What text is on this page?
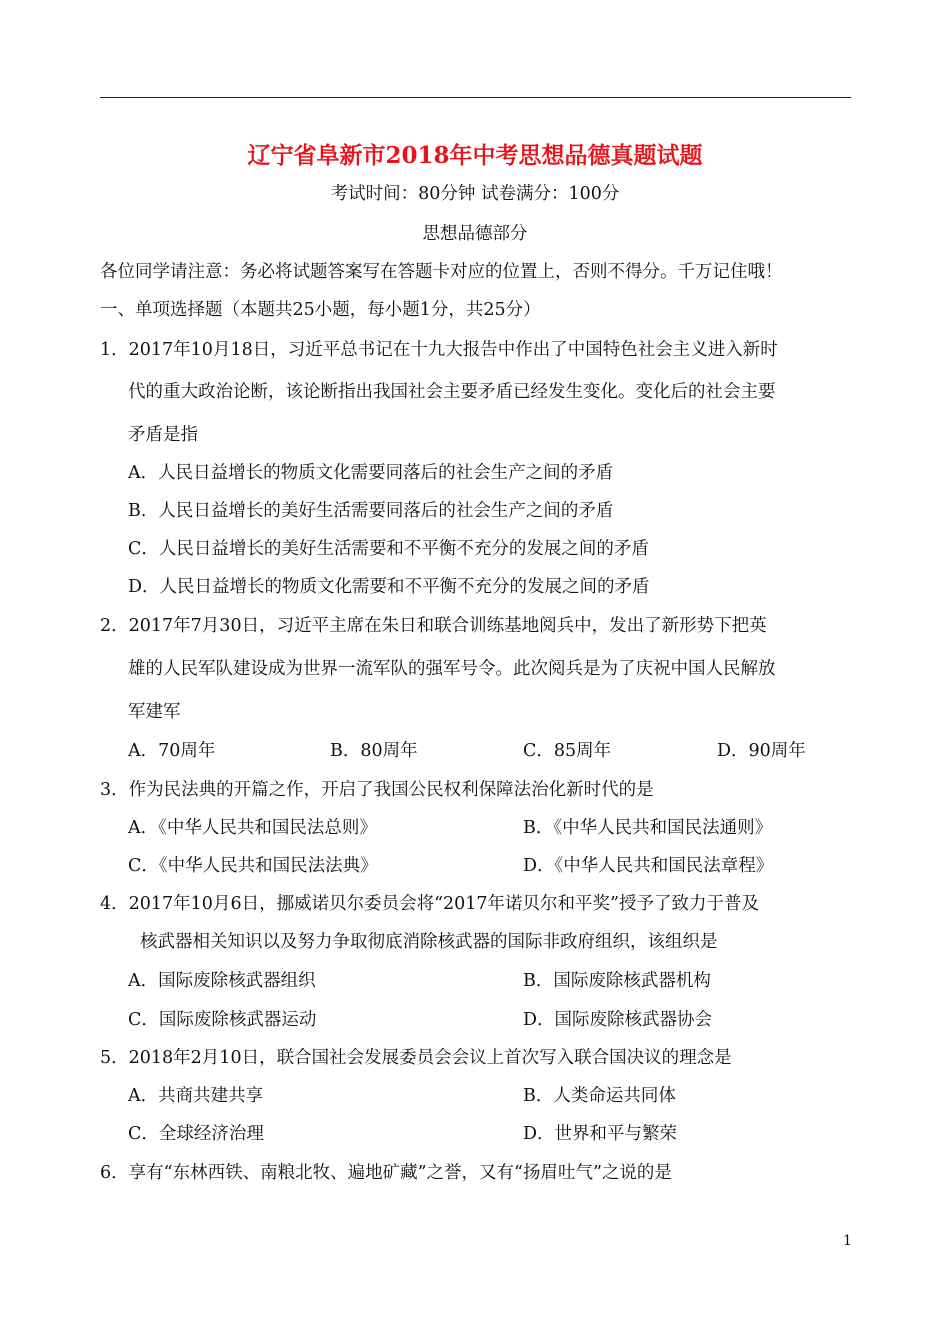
辽宁省阜新市2018年中考思想品德真题试题
考试时间：80分钟 试卷满分：100分
思想品德部分
各位同学请注意：务必将试题答案写在答题卡对应的位置上，否则不得分。千万记住哦！
一、单项选择题（本题共25小题，每小题1分，共25分）
1．2017年10月18日，习近平总书记在十九大报告中作出了中国特色社会主义进入新时
代的重大政治论断，该论断指出我国社会主要矛盾已经发生变化。变化后的社会主要
矛盾是指
A．人民日益增长的物质文化需要同落后的社会生产之间的矛盾
B．人民日益增长的美好生活需要同落后的社会生产之间的矛盾
C．人民日益增长的美好生活需要和不平衡不充分的发展之间的矛盾
D．人民日益增长的物质文化需要和不平衡不充分的发展之间的矛盾
2．2017年7月30日，习近平主席在朱日和联合训练基地阅兵中，发出了新形势下把英
雄的人民军队建设成为世界一流军队的强军号令。此次阅兵是为了庆祝中国人民解放
军建军
A．70周年	B．80周年	C．85周年	D．90周年
3．作为民法典的开篇之作，开启了我国公民权利保障法治化新时代的是
A．《中华人民共和国民法总则》	B．《中华人民共和国民法通则》
C．《中华人民共和国民法法典》	D．《中华人民共和国民法章程》
4．2017年10月6日，挪威诺贝尔委员会将“2017年诺贝尔和平奖”授予了致力于普及
核武器相关知识以及努力争取彻底消除核武器的国际非政府组织，该组织是
A．国际废除核武器组织	B．国际废除核武器机构
C．国际废除核武器运动	D．国际废除核武器协会
5．2018年2月10日，联合国社会发展委员会会议上首次写入联合国决议的理念是
A．共商共建共享	B．人类命运共同体
C．全球经济治理	D．世界和平与繁荣
6．享有“东林西铁、南粮北牧、遍地矿藏”之誉，又有“扬眉吐气”之说的是
1
